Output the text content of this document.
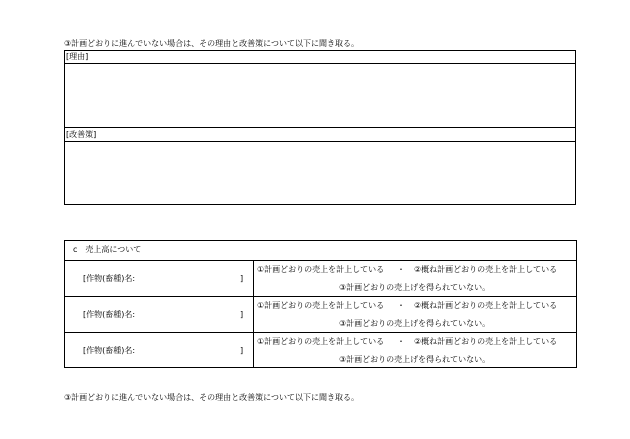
③計画どおりに進んでいない場合は、その理由と改善策について以下に聞き取る。
[理由]
[改善策]
c　売上高について
[作物(畜種)名:	]
①計画どおりの売上を計上している ・ ②概ね計画どおりの売上を計上している
③計画どおりの売上げを得られていない。
[作物(畜種)名:	]
①計画どおりの売上を計上している ・ ②概ね計画どおりの売上を計上している
③計画どおりの売上げを得られていない。
[作物(畜種)名:	]
①計画どおりの売上を計上している ・ ②概ね計画どおりの売上を計上している
③計画どおりの売上げを得られていない。
③計画どおりに進んでいない場合は、その理由と改善策について以下に聞き取る。
